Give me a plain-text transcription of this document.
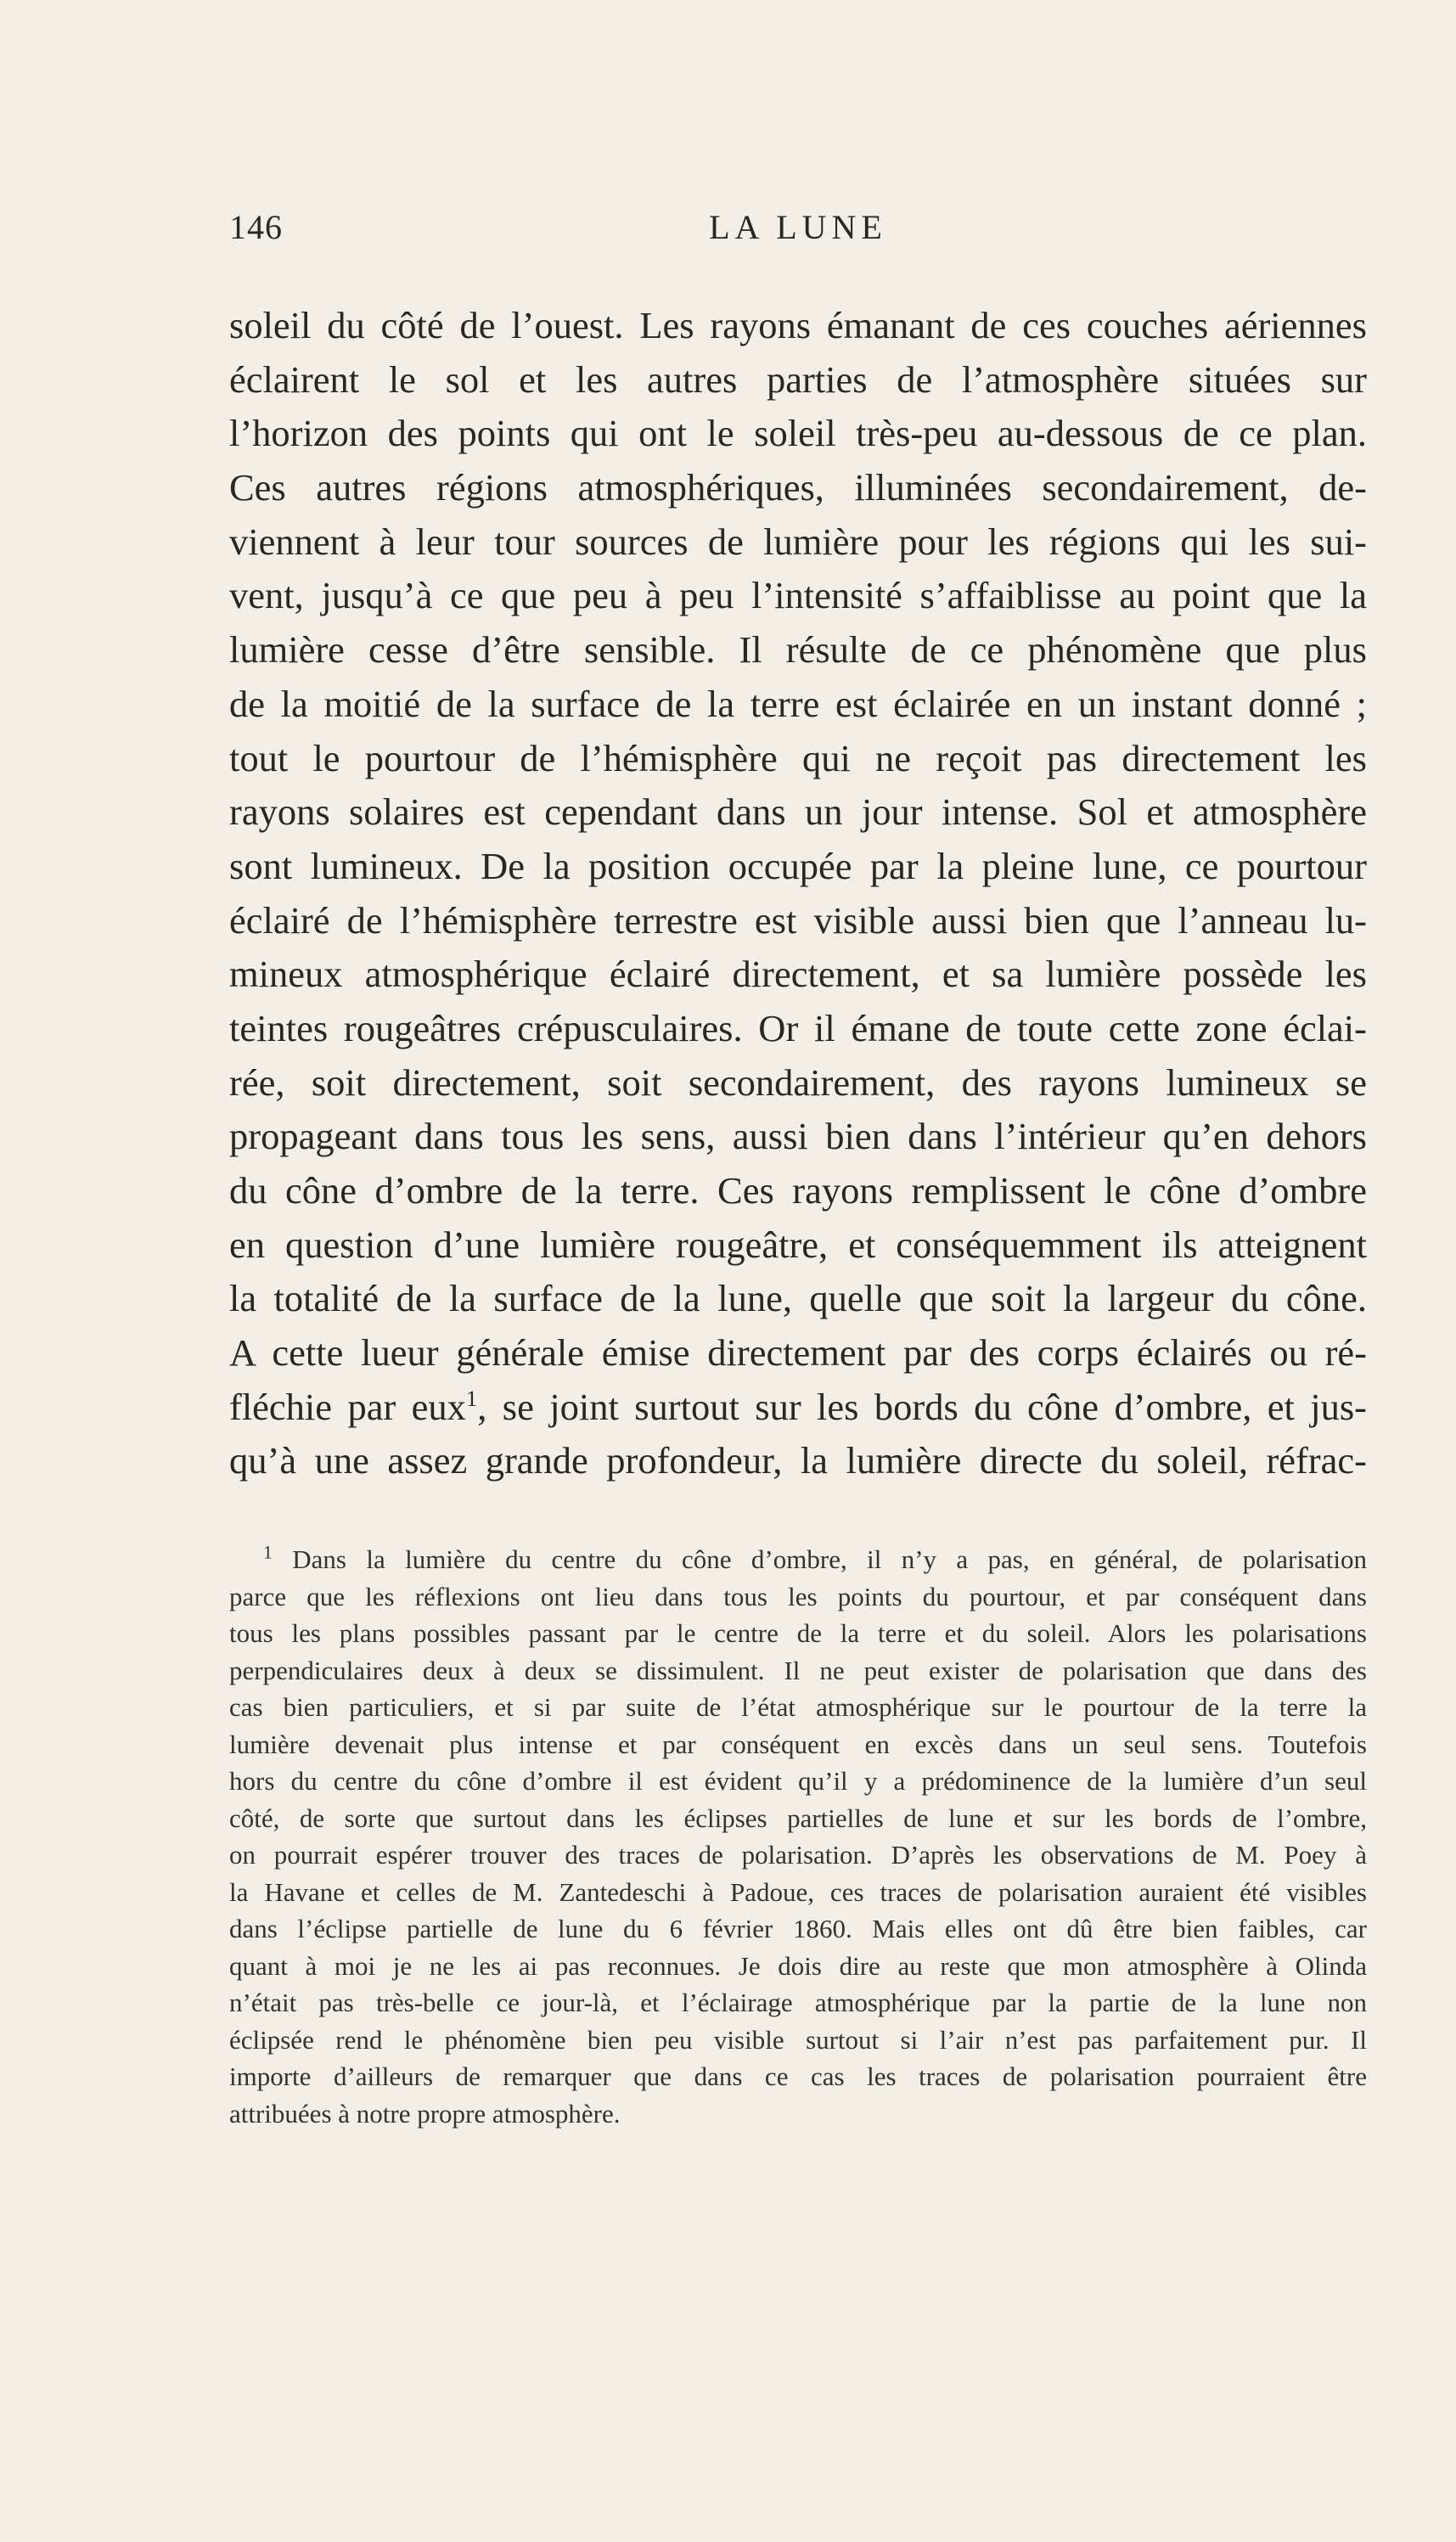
146	LA LUNE
soleil du côté de l’ouest. Les rayons émanant de ces couches aériennes
éclairent le sol et les autres parties de l’atmosphère situées sur
l’horizon des points qui ont le soleil très-peu au-dessous de ce plan.
Ces autres régions atmosphériques, illuminées secondairement, de-
viennent à leur tour sources de lumière pour les régions qui les sui-
vent, jusqu’à ce que peu à peu l’intensité s’affaiblisse au point que la
lumière cesse d’être sensible. Il résulte de ce phénomène que plus
de la moitié de la surface de la terre est éclairée en un instant donné ;
tout le pourtour de l’hémisphère qui ne reçoit pas directement les
rayons solaires est cependant dans un jour intense. Sol et atmosphère
sont lumineux. De la position occupée par la pleine lune, ce pourtour
éclairé de l’hémisphère terrestre est visible aussi bien que l’anneau lu-
mineux atmosphérique éclairé directement, et sa lumière possède les
teintes rougeâtres crépusculaires. Or il émane de toute cette zone éclai-
rée, soit directement, soit secondairement, des rayons lumineux se
propageant dans tous les sens, aussi bien dans l’intérieur qu’en dehors
du cône d’ombre de la terre. Ces rayons remplissent le cône d’ombre
en question d’une lumière rougeâtre, et conséquemment ils atteignent
la totalité de la surface de la lune, quelle que soit la largeur du cône.
A cette lueur générale émise directement par des corps éclairés ou ré-
fléchie par eux$^1$, se joint surtout sur les bords du cône d’ombre, et jus-
qu’à une assez grande profondeur, la lumière directe du soleil, réfrac-
$^1$ Dans la lumière du centre du cône d’ombre, il n’y a pas, en général, de polarisation
parce que les réflexions ont lieu dans tous les points du pourtour, et par conséquent dans
tous les plans possibles passant par le centre de la terre et du soleil. Alors les polarisations
perpendiculaires deux à deux se dissimulent. Il ne peut exister de polarisation que dans des
cas bien particuliers, et si par suite de l’état atmosphérique sur le pourtour de la terre la
lumière devenait plus intense et par conséquent en excès dans un seul sens. Toutefois
hors du centre du cône d’ombre il est évident qu’il y a prédominence de la lumière d’un seul
côté, de sorte que surtout dans les éclipses partielles de lune et sur les bords de l’ombre,
on pourrait espérer trouver des traces de polarisation. D’après les observations de M. Poey à
la Havane et celles de M. Zantedeschi à Padoue, ces traces de polarisation auraient été visibles
dans l’éclipse partielle de lune du 6 février 1860. Mais elles ont dû être bien faibles, car
quant à moi je ne les ai pas reconnues. Je dois dire au reste que mon atmosphère à Olinda
n’était pas très-belle ce jour-là, et l’éclairage atmosphérique par la partie de la lune non
éclipsée rend le phénomène bien peu visible surtout si l’air n’est pas parfaitement pur. Il
importe d’ailleurs de remarquer que dans ce cas les traces de polarisation pourraient être
attribuées à notre propre atmosphère.
